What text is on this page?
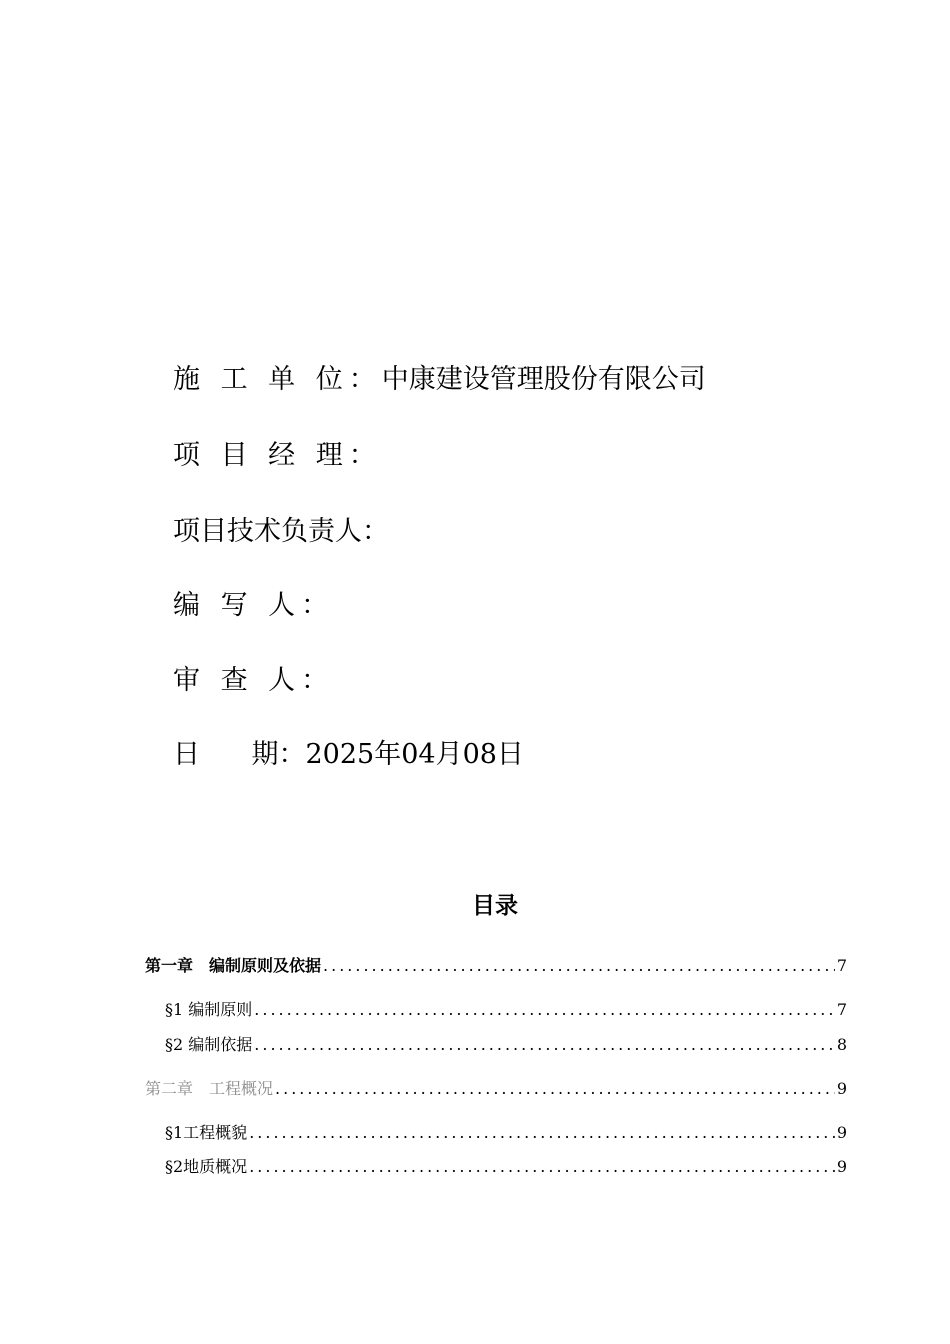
施 工 单 位：中康建设管理股份有限公司
项 目 经 理：
项目技术负责人：
编 写 人：
审 查 人：
日      期：2025年04月08日
目录
第一章　编制原则及依据 .....	7
§1 编制原则 .....	7
§2 编制依据 .....	8
第二章　工程概况 .....	9
§1工程概貌 .....	9
§2地质概况 .....	9
